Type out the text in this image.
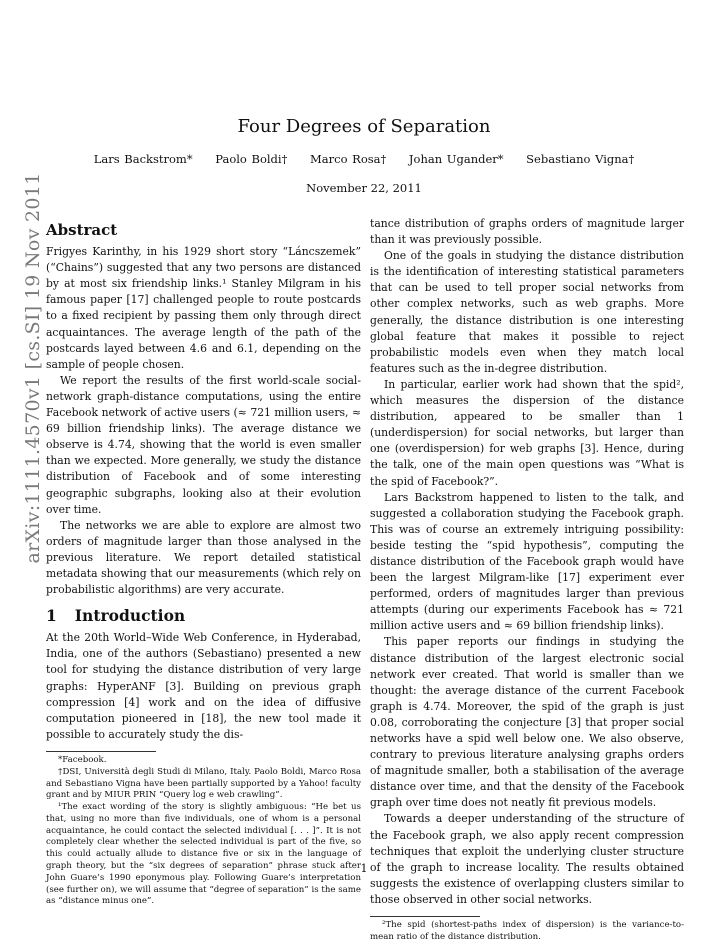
arXiv:1111.4570v1 [cs.SI] 19 Nov 2011
Four Degrees of Separation
Lars Backstrom* Paolo Boldi† Marco Rosa† Johan Ugander* Sebastiano Vigna†
November 22, 2011
Abstract

Frigyes Karinthy, in his 1929 short story “Láncszemek” (“Chains”) suggested that any two persons are distanced by at most six friendship links.¹ Stanley Milgram in his famous paper [17] challenged people to route postcards to a fixed recipient by passing them only through direct acquaintances. The average length of the path of the postcards layed between 4.6 and 6.1, depending on the sample of people chosen.

We report the results of the first world-scale social-network graph-distance computations, using the entire Facebook network of active users (≈ 721 million users, ≈ 69 billion friendship links). The average distance we observe is 4.74, showing that the world is even smaller than we expected. More generally, we study the distance distribution of Facebook and of some interesting geographic subgraphs, looking also at their evolution over time.

The networks we are able to explore are almost two orders of magnitude larger than those analysed in the previous literature. We report detailed statistical metadata showing that our measurements (which rely on probabilistic algorithms) are very accurate.

1 Introduction

At the 20th World–Wide Web Conference, in Hyderabad, India, one of the authors (Sebastiano) presented a new tool for studying the distance distribution of very large graphs: HyperANF [3]. Building on previous graph compression [4] work and on the idea of diffusive computation pioneered in [18], the new tool made it possible to accurately study the dis-

*Facebook.

†DSI, Università degli Studi di Milano, Italy. Paolo Boldi, Marco Rosa and Sebastiano Vigna have been partially supported by a Yahoo! faculty grant and by MIUR PRIN “Query log e web crawling”.

¹The exact wording of the story is slightly ambiguous: “He bet us that, using no more than five individuals, one of whom is a personal acquaintance, he could contact the selected individual [. . . ]”. It is not completely clear whether the selected individual is part of the five, so this could actually allude to distance five or six in the language of graph theory, but the “six degrees of separation” phrase stuck after John Guare’s 1990 eponymous play. Following Guare’s interpretation (see further on), we will assume that “degree of separation” is the same as “distance minus one”.

tance distribution of graphs orders of magnitude larger than it was previously possible.

One of the goals in studying the distance distribution is the identification of interesting statistical parameters that can be used to tell proper social networks from other complex networks, such as web graphs. More generally, the distance distribution is one interesting global feature that makes it possible to reject probabilistic models even when they match local features such as the in-degree distribution.

In particular, earlier work had shown that the spid², which measures the dispersion of the distance distribution, appeared to be smaller than 1 (underdispersion) for social networks, but larger than one (overdispersion) for web graphs [3]. Hence, during the talk, one of the main open questions was “What is the spid of Facebook?”.

Lars Backstrom happened to listen to the talk, and suggested a collaboration studying the Facebook graph. This was of course an extremely intriguing possibility: beside testing the “spid hypothesis”, computing the distance distribution of the Facebook graph would have been the largest Milgram-like [17] experiment ever performed, orders of magnitudes larger than previous attempts (during our experiments Facebook has ≈ 721 million active users and ≈ 69 billion friendship links).

This paper reports our findings in studying the distance distribution of the largest electronic social network ever created. That world is smaller than we thought: the average distance of the current Facebook graph is 4.74. Moreover, the spid of the graph is just 0.08, corroborating the conjecture [3] that proper social networks have a spid well below one. We also observe, contrary to previous literature analysing graphs orders of magnitude smaller, both a stabilisation of the average distance over time, and that the density of the Facebook graph over time does not neatly fit previous models.

Towards a deeper understanding of the structure of the Facebook graph, we also apply recent compression techniques that exploit the underlying cluster structure of the graph to increase locality. The results obtained suggests the existence of overlapping clusters similar to those observed in other social networks.

²The spid (shortest-paths index of dispersion) is the variance-to-mean ratio of the distance distribution.

1
